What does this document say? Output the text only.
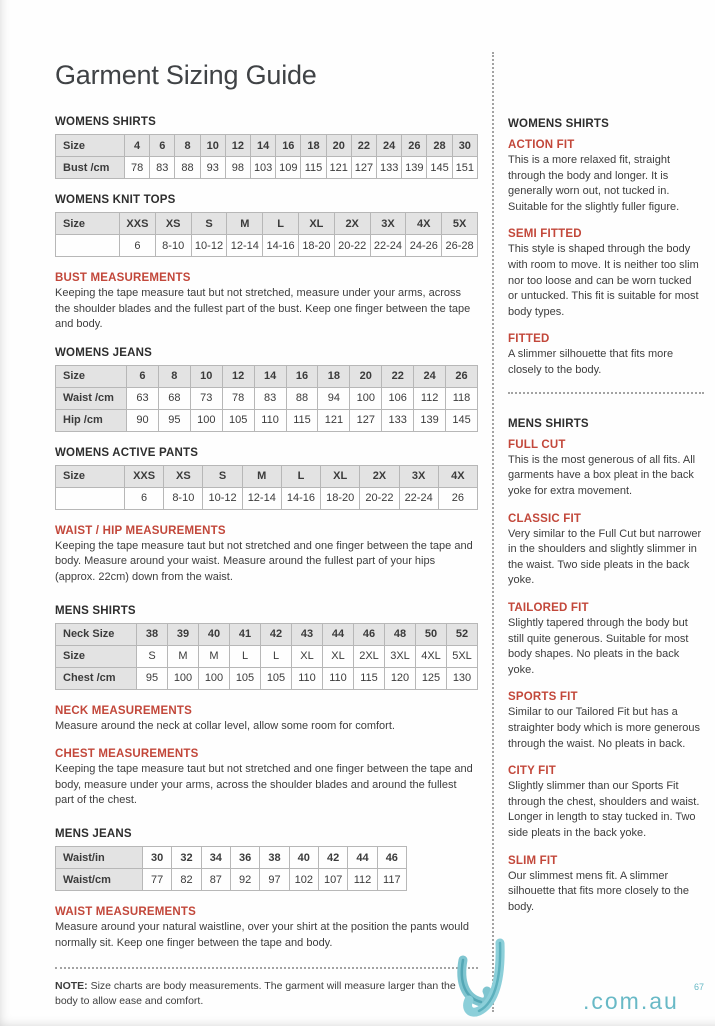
Garment Sizing Guide
WOMENS SHIRTS
Size	4	6	8	10	12	14	16	18	20	22	24	26	28	30
Bust /cm	78	83	88	93	98	103	109	115	121	127	133	139	145	151
WOMENS KNIT TOPS
Size	XXS	XS	S	M	L	XL	2X	3X	4X	5X
	6	8-10	10-12	12-14	14-16	18-20	20-22	22-24	24-26	26-28
BUST MEASUREMENTS
Keeping the tape measure taut but not stretched, measure under your arms, across the shoulder blades and the fullest part of the bust. Keep one finger between the tape and body.
WOMENS JEANS
Size	6	8	10	12	14	16	18	20	22	24	26
Waist /cm	63	68	73	78	83	88	94	100	106	112	118
Hip /cm	90	95	100	105	110	115	121	127	133	139	145
WOMENS ACTIVE PANTS
Size	XXS	XS	S	M	L	XL	2X	3X	4X
	6	8-10	10-12	12-14	14-16	18-20	20-22	22-24	26
WAIST / HIP MEASUREMENTS
Keeping the tape measure taut but not stretched and one finger between the tape and body. Measure around your waist. Measure around the fullest part of your hips (approx. 22cm) down from the waist.
MENS SHIRTS
Neck Size	38	39	40	41	42	43	44	46	48	50	52
Size	S	M	M	L	L	XL	XL	2XL	3XL	4XL	5XL
Chest /cm	95	100	100	105	105	110	110	115	120	125	130
NECK MEASUREMENTS
Measure around the neck at collar level, allow some room for comfort.
CHEST MEASUREMENTS
Keeping the tape measure taut but not stretched and one finger between the tape and body, measure under your arms, across the shoulder blades and around the fullest part of the chest.
MENS JEANS
Waist/in	30	32	34	36	38	40	42	44	46
Waist/cm	77	82	87	92	97	102	107	112	117
WAIST MEASUREMENTS
Measure around your natural waistline, over your shirt at the position the pants would normally sit. Keep one finger between the tape and body.
NOTE: Size charts are body measurements. The garment will measure larger than the body to allow ease and comfort.
WOMENS SHIRTS
ACTION FIT
This is a more relaxed fit, straight through the body and longer. It is generally worn out, not tucked in. Suitable for the slightly fuller figure.
SEMI FITTED
This style is shaped through the body with room to move. It is neither too slim nor too loose and can be worn tucked or untucked. This fit is suitable for most body types.
FITTED
A slimmer silhouette that fits more closely to the body.
MENS SHIRTS
FULL CUT
This is the most generous of all fits. All garments have a box pleat in the back yoke for extra movement.
CLASSIC FIT
Very similar to the Full Cut but narrower in the shoulders and slightly slimmer in the waist. Two side pleats in the back yoke.
TAILORED FIT
Slightly tapered through the body but still quite generous. Suitable for most body shapes. No pleats in the back yoke.
SPORTS FIT
Similar to our Tailored Fit but has a straighter body which is more generous through the waist. No pleats in back.
CITY FIT
Slightly slimmer than our Sports Fit through the chest, shoulders and waist. Longer in length to stay tucked in. Two side pleats in the back yoke.
SLIM FIT
Our slimmest mens fit. A slimmer silhouette that fits more closely to the body.
.com.au
67
